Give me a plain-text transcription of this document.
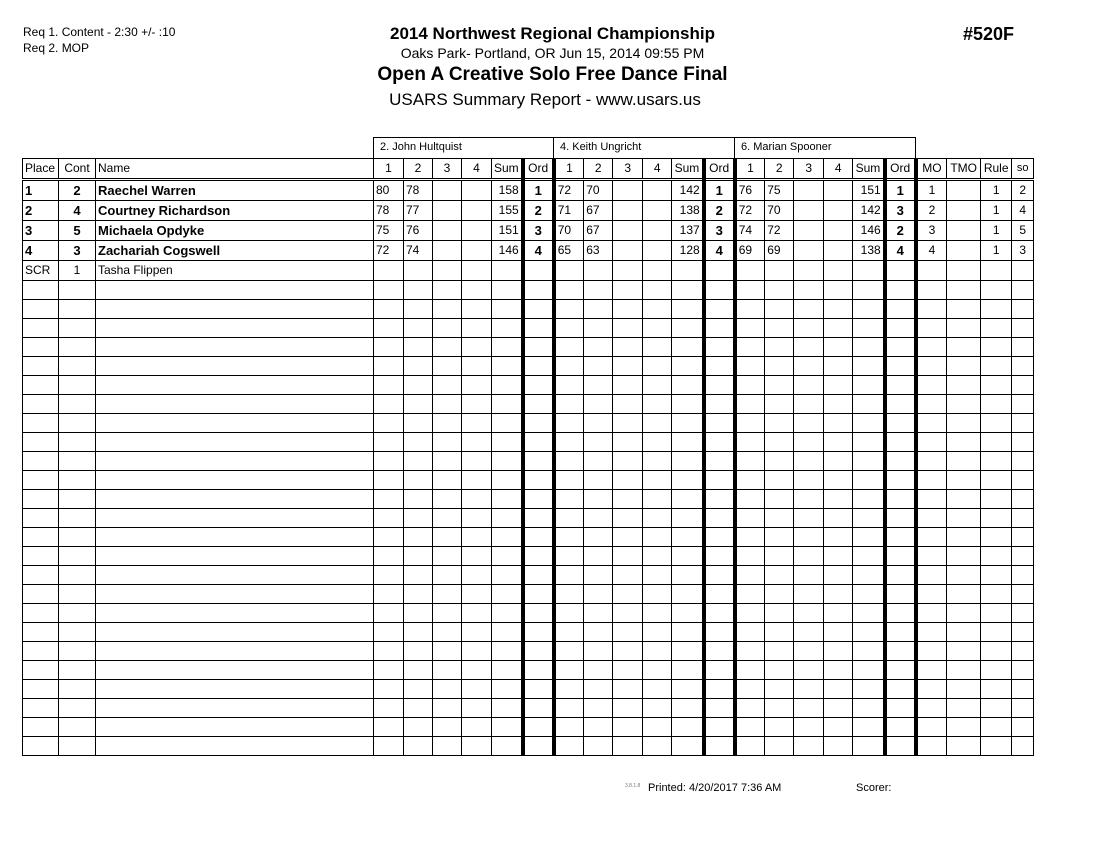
Req 1. Content - 2:30 +/- :10
Req 2. MOP
2014 Northwest Regional Championship
Oaks Park- Portland, OR Jun 15, 2014 09:55 PM
Open A Creative Solo Free Dance Final
USARS Summary Report - www.usars.us
#520F
2. John Hultquist	4. Keith Ungricht	6. Marian Spooner
Place	Cont	Name	1	2	3	4	Sum	Ord	1	2	3	4	Sum	Ord	1	2	3	4	Sum	Ord	MO	TMO	Rule	so
1	2	Raechel Warren	80	78			158	1	72	70			142	1	76	75			151	1	1		1	2
2	4	Courtney Richardson	78	77			155	2	71	67			138	2	72	70			142	3	2		1	4
3	5	Michaela Opdyke	75	76			151	3	70	67			137	3	74	72			146	2	3		1	5
4	3	Zachariah Cogswell	72	74			146	4	65	63			128	4	69	69			138	4	4		1	3
SCR	1	Tasha Flippen																						

3.8.1.8 Printed: 4/20/2017 7:36 AM	Scorer:
